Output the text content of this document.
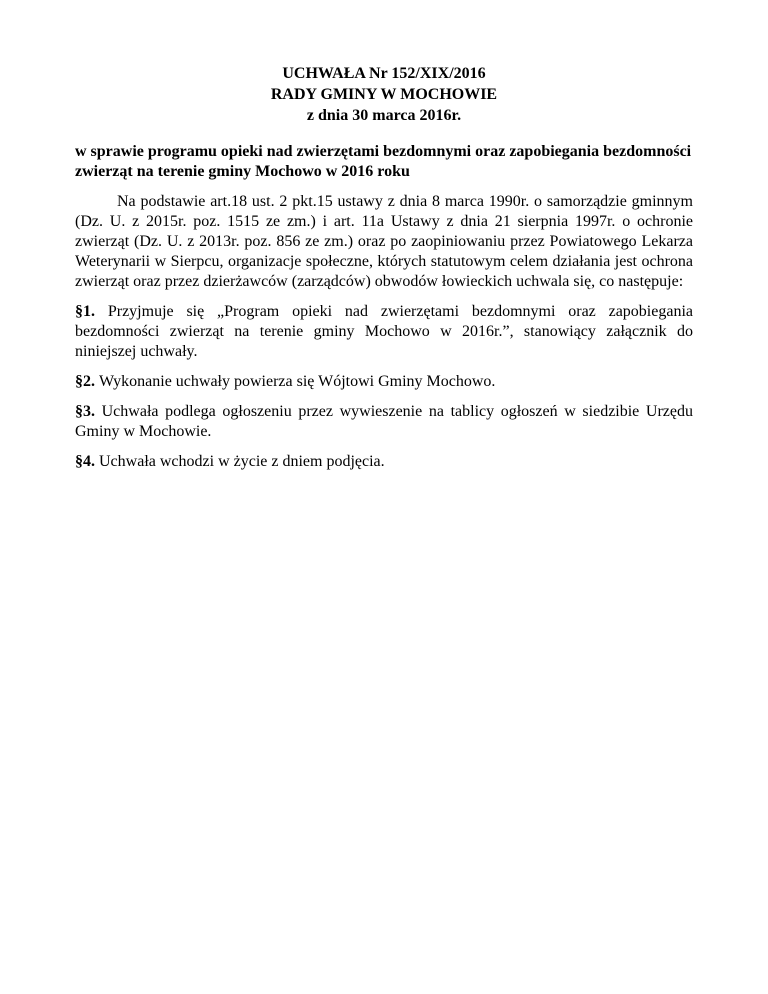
UCHWAŁA Nr 152/XIX/2016
RADY GMINY W MOCHOWIE
z dnia 30 marca 2016r.
w sprawie programu opieki nad zwierzętami bezdomnymi oraz zapobiegania bezdomności zwierząt na terenie gminy Mochowo w 2016 roku
Na podstawie art.18 ust. 2 pkt.15 ustawy z dnia 8 marca 1990r. o samorządzie gminnym (Dz. U. z 2015r. poz. 1515 ze zm.) i art. 11a Ustawy z dnia 21 sierpnia 1997r. o ochronie zwierząt (Dz. U. z 2013r. poz. 856 ze zm.) oraz po zaopiniowaniu przez Powiatowego Lekarza Weterynarii w Sierpcu, organizacje społeczne, których statutowym celem działania jest ochrona zwierząt oraz przez dzierżawców (zarządców) obwodów łowieckich uchwala się, co następuje:
§1. Przyjmuje się „Program opieki nad zwierzętami bezdomnymi oraz zapobiegania bezdomności zwierząt na terenie gminy Mochowo w 2016r.”, stanowiący załącznik do niniejszej uchwały.
§2. Wykonanie uchwały powierza się Wójtowi Gminy Mochowo.
§3. Uchwała podlega ogłoszeniu przez wywieszenie na tablicy ogłoszeń w siedzibie Urzędu Gminy w Mochowie.
§4. Uchwała wchodzi w życie z dniem podjęcia.
